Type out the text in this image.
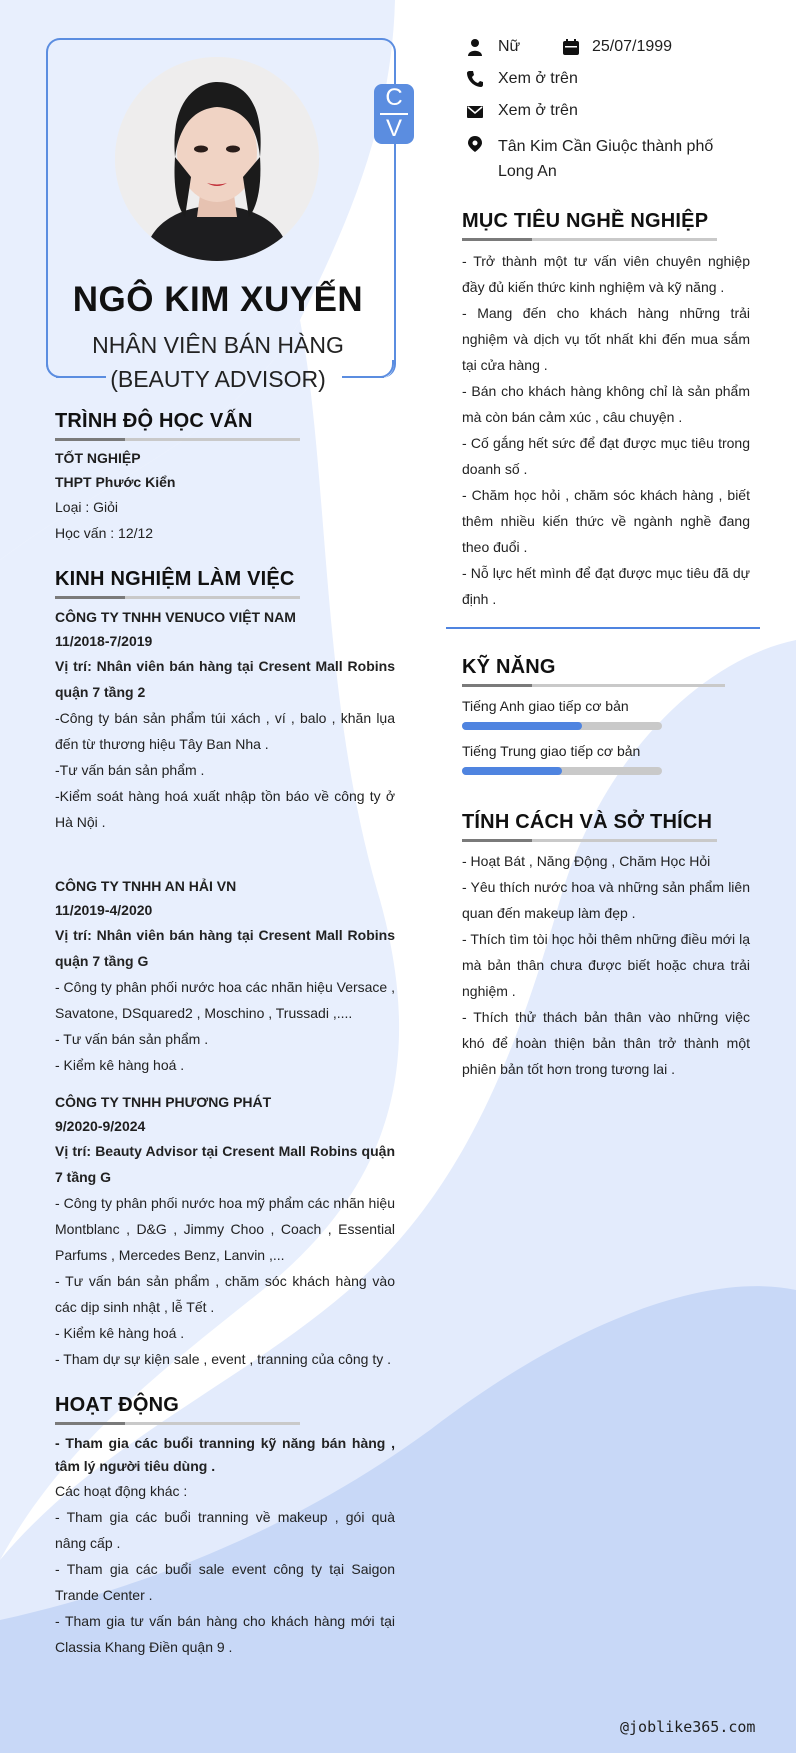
C
V
NGÔ KIM XUYẾN
NHÂN VIÊN BÁN HÀNG
(BEAUTY ADVISOR)
Nữ	25/07/1999
Xem ở trên
Xem ở trên
Tân Kim Cần Giuộc thành phố Long An
TRÌNH ĐỘ HỌC VẤN

TỐT NGHIỆP

THPT Phước Kiển

Loại : Giỏi

Học vấn : 12/12

KINH NGHIỆM LÀM VIỆC

CÔNG TY TNHH VENUCO VIỆT NAM

11/2018-7/2019

Vị trí: Nhân viên bán hàng tại Cresent Mall Robins quận 7 tầng 2

-Công ty bán sản phẩm túi xách , ví , balo , khăn lụa đến từ thương hiệu Tây Ban Nha .

-Tư vấn bán sản phẩm .

-Kiểm soát hàng hoá xuất nhập tồn báo về công ty ở Hà Nội .

CÔNG TY TNHH AN HẢI VN

11/2019-4/2020

Vị trí: Nhân viên bán hàng tại Cresent Mall Robins quận 7 tầng G

- Công ty phân phối nước hoa các nhãn hiệu Versace , Savatone, DSquared2 , Moschino , Trussadi ,....

- Tư vấn bán sản phẩm .

- Kiểm kê hàng hoá .

CÔNG TY TNHH PHƯƠNG PHÁT

9/2020-9/2024

Vị trí: Beauty Advisor tại Cresent Mall Robins quận 7 tầng G

- Công ty phân phối nước hoa mỹ phẩm các nhãn hiệu Montblanc , D&G , Jimmy Choo , Coach , Essential Parfums , Mercedes Benz, Lanvin ,...

- Tư vấn bán sản phẩm , chăm sóc khách hàng vào các dịp sinh nhật , lễ Tết .

- Kiểm kê hàng hoá .

- Tham dự sự kiện sale , event , tranning của công ty .

HOẠT ĐỘNG

- Tham gia các buổi tranning kỹ năng bán hàng , tâm lý người tiêu dùng .

Các hoạt động khác :

- Tham gia các buổi tranning về makeup , gói quà nâng cấp .

- Tham gia các buổi sale event công ty tại Saigon Trande Center .

- Tham gia tư vấn bán hàng cho khách hàng mới tại Classia Khang Điền quận 9 .

MỤC TIÊU NGHỀ NGHIỆP

- Trở thành một tư vấn viên chuyên nghiệp đầy đủ kiến thức kinh nghiệm và kỹ năng .

- Mang đến cho khách hàng những trải nghiệm và dịch vụ tốt nhất khi đến mua sắm tại cửa hàng .

- Bán cho khách hàng không chỉ là sản phẩm mà còn bán cảm xúc , câu chuyện .

- Cố gắng hết sức để đạt được mục tiêu trong doanh số .

- Chăm học hỏi , chăm sóc khách hàng , biết thêm nhiều kiến thức về ngành nghề đang theo đuổi .

- Nỗ lực hết mình để đạt được mục tiêu đã dự định .

KỸ NĂNG
Tiếng Anh giao tiếp cơ bản
Tiếng Trung giao tiếp cơ bản
TÍNH CÁCH VÀ SỞ THÍCH

- Hoạt Bát , Năng Động , Chăm Học Hỏi

- Yêu thích nước hoa và những sản phẩm liên quan đến makeup làm đẹp .

- Thích tìm tòi học hỏi thêm những điều mới lạ mà bản thân chưa được biết hoặc chưa trải nghiệm .

- Thích thử thách bản thân vào những việc khó để hoàn thiện bản thân trở thành một phiên bản tốt hơn trong tương lai .

@joblike365.com
